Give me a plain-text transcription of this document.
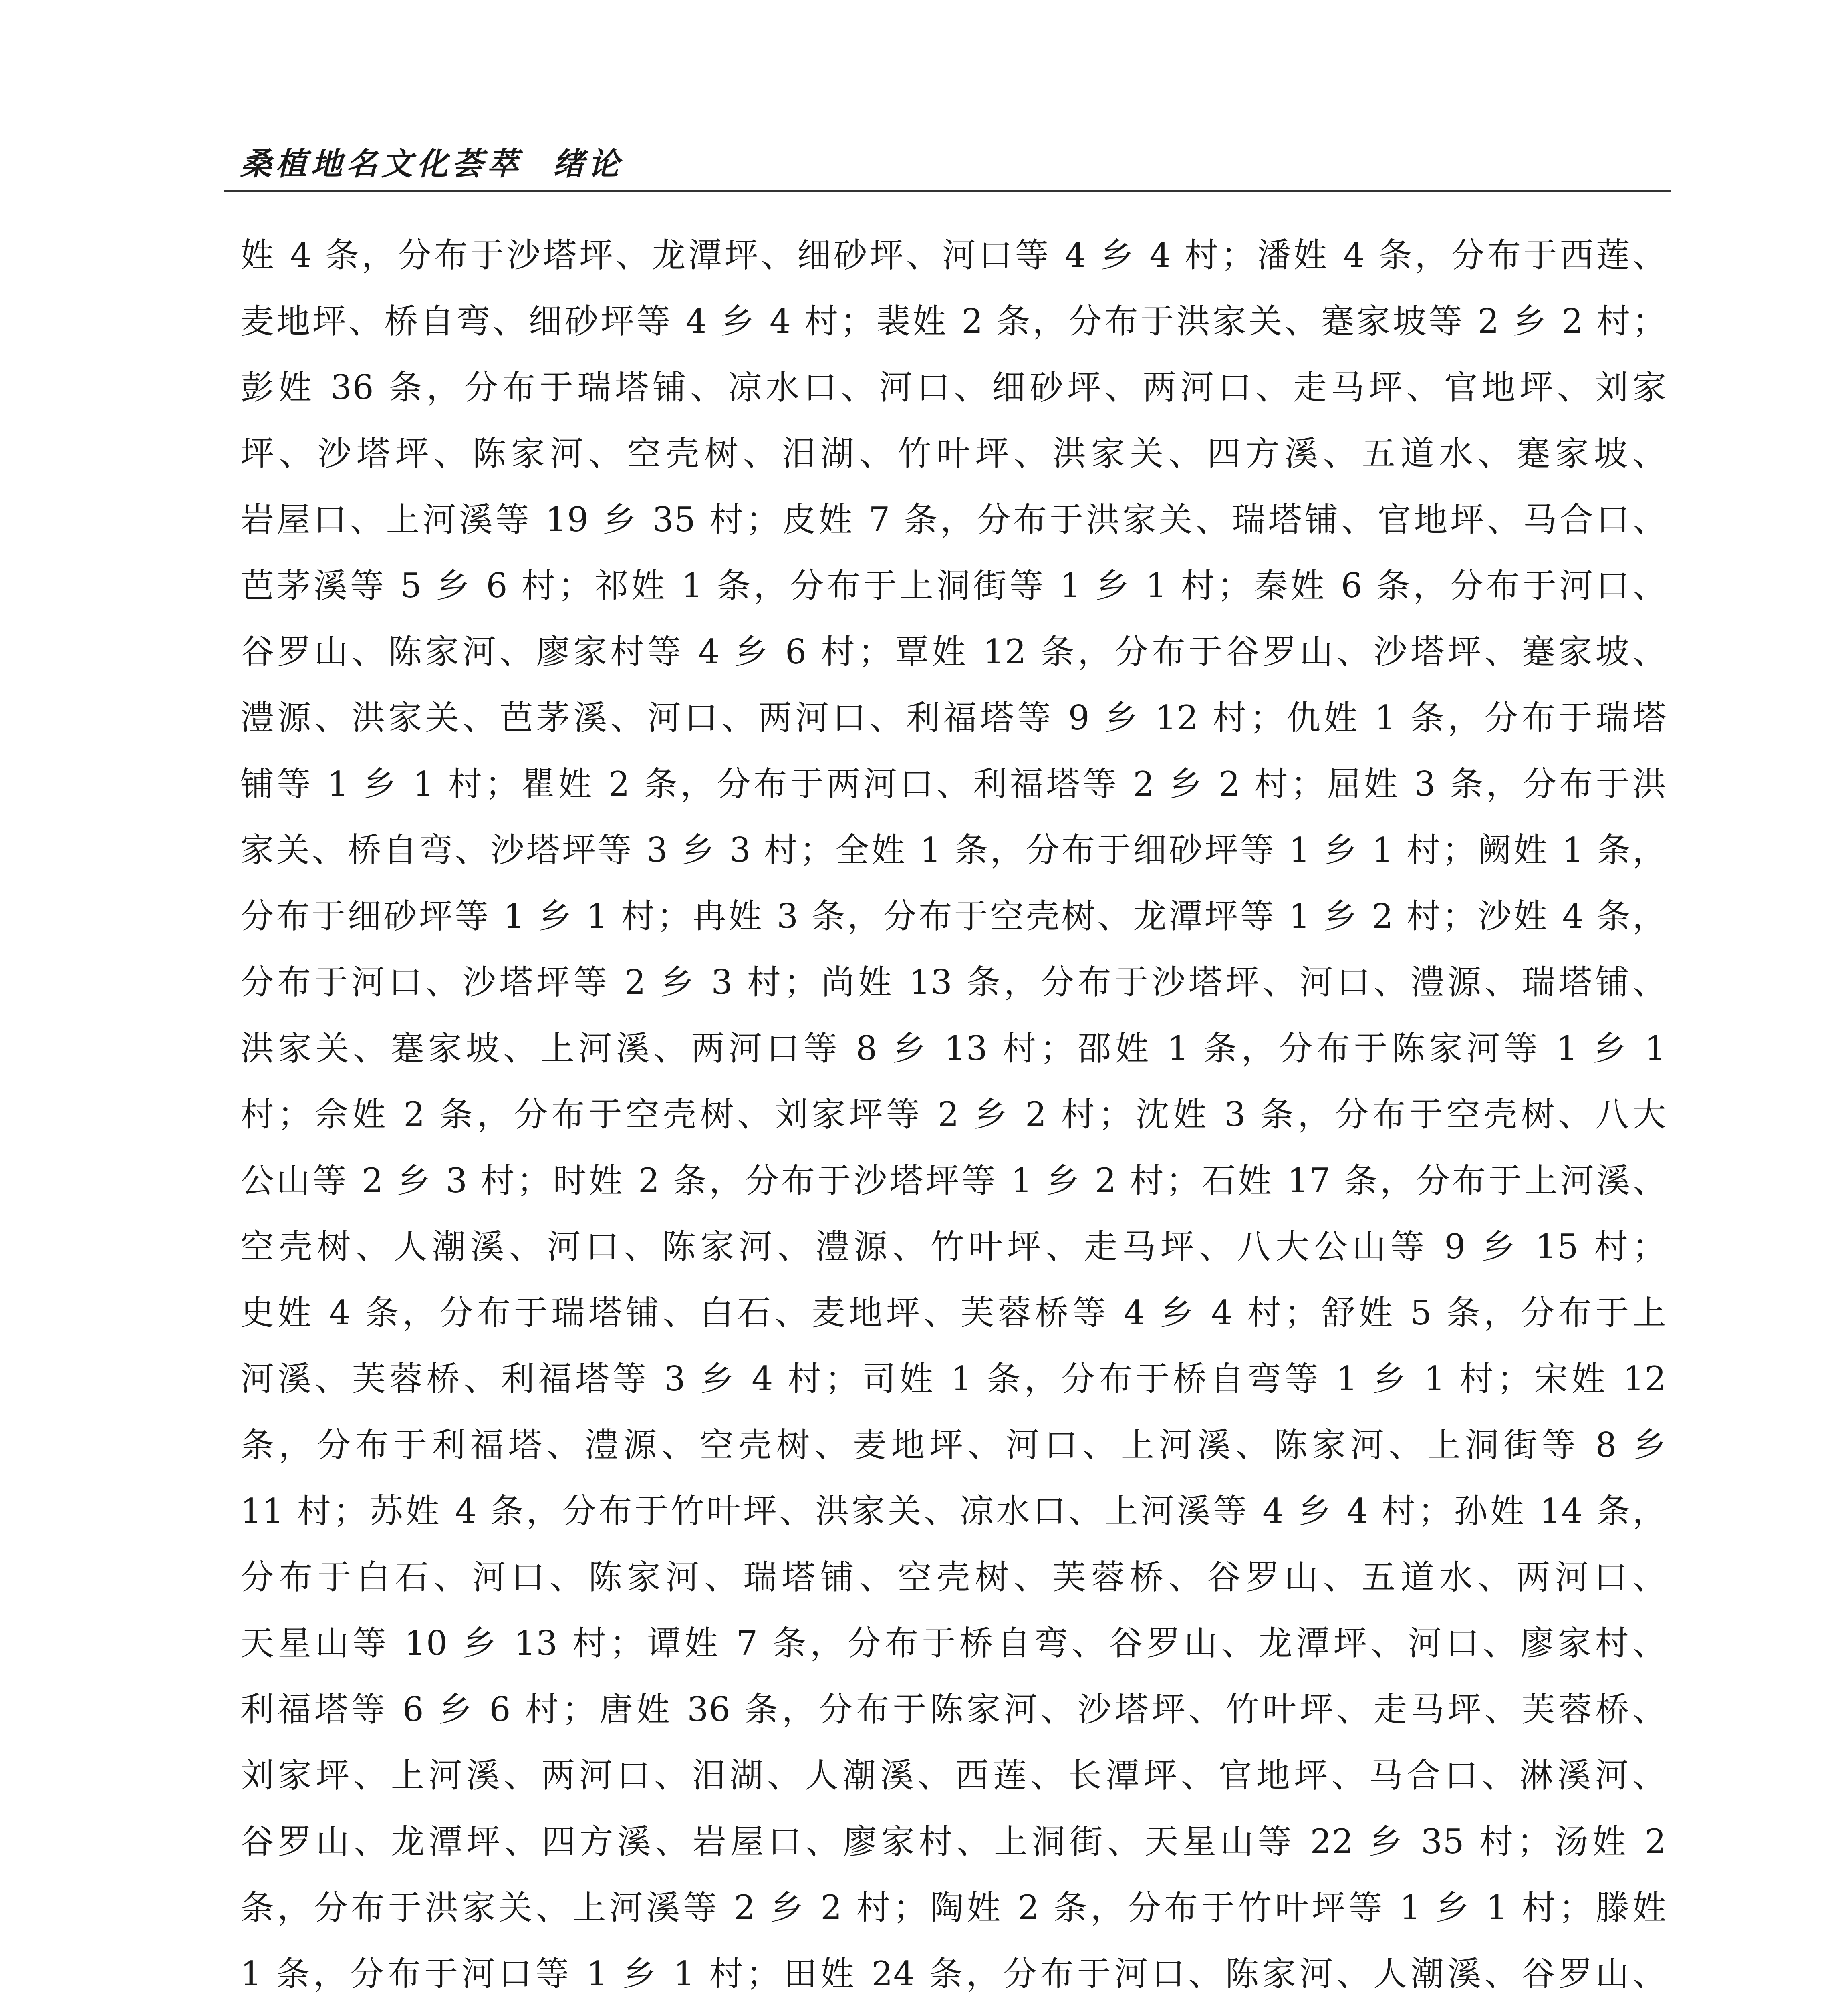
桑植地名文化荟萃 绪论
姓 4 条，分布于沙塔坪、龙潭坪、细砂坪、河口等 4 乡 4 村；潘姓 4 条，分布于西莲、
麦地坪、桥自弯、细砂坪等 4 乡 4 村；裴姓 2 条，分布于洪家关、蹇家坡等 2 乡 2 村；
彭姓 36 条，分布于瑞塔铺、凉水口、河口、细砂坪、两河口、走马坪、官地坪、刘家
坪、沙塔坪、陈家河、空壳树、汨湖、竹叶坪、洪家关、四方溪、五道水、蹇家坡、
岩屋口、上河溪等 19 乡 35 村；皮姓 7 条，分布于洪家关、瑞塔铺、官地坪、马合口、
芭茅溪等 5 乡 6 村；祁姓 1 条，分布于上洞街等 1 乡 1 村；秦姓 6 条，分布于河口、
谷罗山、陈家河、廖家村等 4 乡 6 村；覃姓 12 条，分布于谷罗山、沙塔坪、蹇家坡、
澧源、洪家关、芭茅溪、河口、两河口、利福塔等 9 乡 12 村；仇姓 1 条，分布于瑞塔
铺等 1 乡 1 村；瞿姓 2 条，分布于两河口、利福塔等 2 乡 2 村；屈姓 3 条，分布于洪
家关、桥自弯、沙塔坪等 3 乡 3 村；全姓 1 条，分布于细砂坪等 1 乡 1 村；阙姓 1 条，
分布于细砂坪等 1 乡 1 村；冉姓 3 条，分布于空壳树、龙潭坪等 1 乡 2 村；沙姓 4 条，
分布于河口、沙塔坪等 2 乡 3 村；尚姓 13 条，分布于沙塔坪、河口、澧源、瑞塔铺、
洪家关、蹇家坡、上河溪、两河口等 8 乡 13 村；邵姓 1 条，分布于陈家河等 1 乡 1
村；佘姓 2 条，分布于空壳树、刘家坪等 2 乡 2 村；沈姓 3 条，分布于空壳树、八大
公山等 2 乡 3 村；时姓 2 条，分布于沙塔坪等 1 乡 2 村；石姓 17 条，分布于上河溪、
空壳树、人潮溪、河口、陈家河、澧源、竹叶坪、走马坪、八大公山等 9 乡 15 村；
史姓 4 条，分布于瑞塔铺、白石、麦地坪、芙蓉桥等 4 乡 4 村；舒姓 5 条，分布于上
河溪、芙蓉桥、利福塔等 3 乡 4 村；司姓 1 条，分布于桥自弯等 1 乡 1 村；宋姓 12
条，分布于利福塔、澧源、空壳树、麦地坪、河口、上河溪、陈家河、上洞街等 8 乡
11 村；苏姓 4 条，分布于竹叶坪、洪家关、凉水口、上河溪等 4 乡 4 村；孙姓 14 条，
分布于白石、河口、陈家河、瑞塔铺、空壳树、芙蓉桥、谷罗山、五道水、两河口、
天星山等 10 乡 13 村；谭姓 7 条，分布于桥自弯、谷罗山、龙潭坪、河口、廖家村、
利福塔等 6 乡 6 村；唐姓 36 条，分布于陈家河、沙塔坪、竹叶坪、走马坪、芙蓉桥、
刘家坪、上河溪、两河口、汨湖、人潮溪、西莲、长潭坪、官地坪、马合口、淋溪河、
谷罗山、龙潭坪、四方溪、岩屋口、廖家村、上洞街、天星山等 22 乡 35 村；汤姓 2
条，分布于洪家关、上河溪等 2 乡 2 村；陶姓 2 条，分布于竹叶坪等 1 乡 1 村；滕姓
1 条，分布于河口等 1 乡 1 村；田姓 24 条，分布于河口、陈家河、人潮溪、谷罗山、
